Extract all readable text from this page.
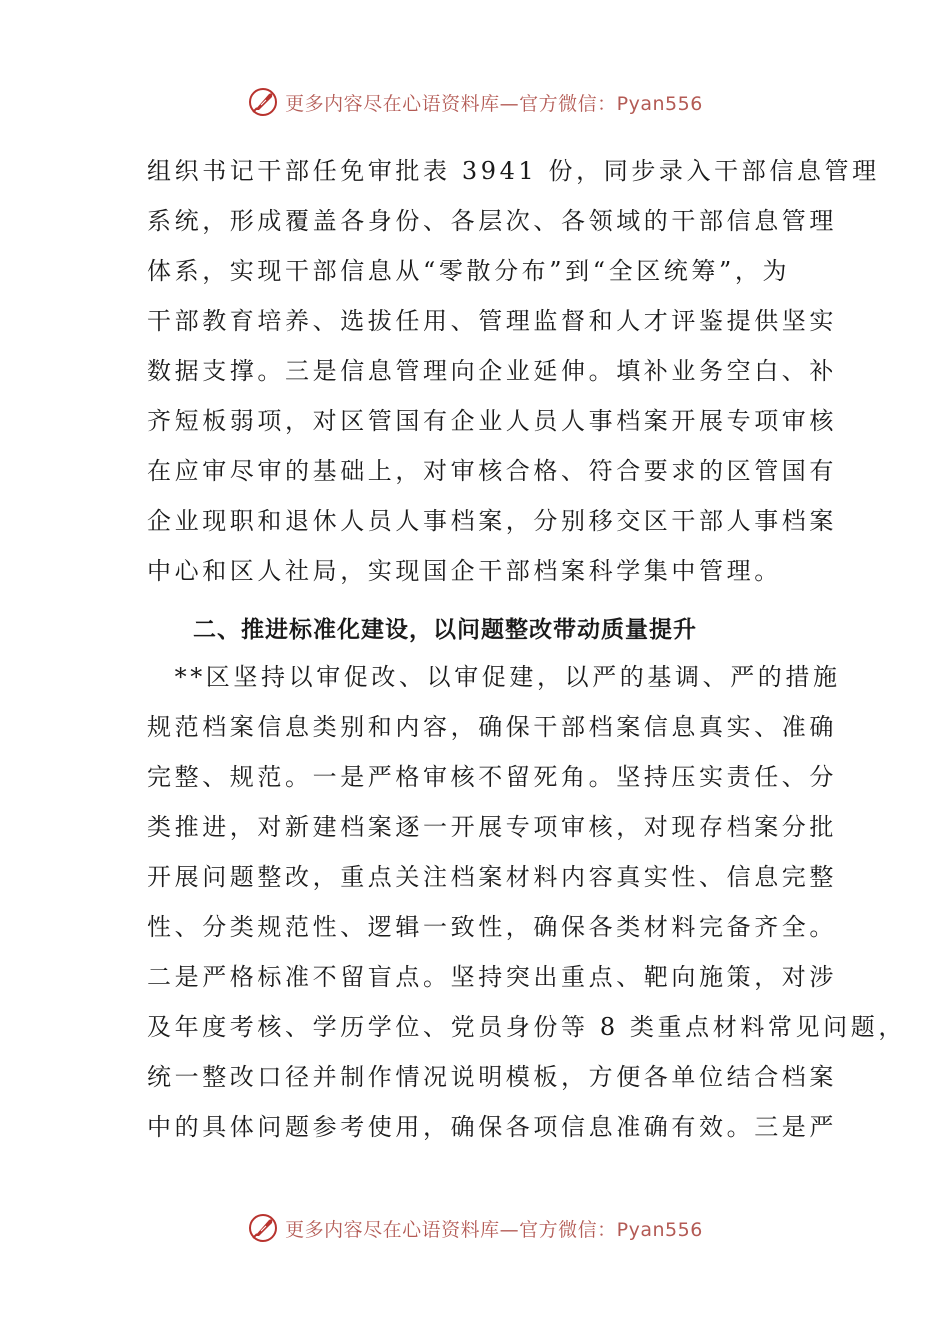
更多内容尽在心语资料库—官方微信：Pyan556
组织书记干部任免审批表 3941 份，同步录入干部信息管理
系统，形成覆盖各身份、各层次、各领域的干部信息管理
体系，实现干部信息从“零散分布”到“全区统筹”，为
干部教育培养、选拔任用、管理监督和人才评鉴提供坚实
数据支撑。三是信息管理向企业延伸。填补业务空白、补
齐短板弱项，对区管国有企业人员人事档案开展专项审核
在应审尽审的基础上，对审核合格、符合要求的区管国有
企业现职和退休人员人事档案，分别移交区干部人事档案
中心和区人社局，实现国企干部档案科学集中管理。
二、推进标准化建设，以问题整改带动质量提升
　**区坚持以审促改、以审促建，以严的基调、严的措施
规范档案信息类别和内容，确保干部档案信息真实、准确
完整、规范。一是严格审核不留死角。坚持压实责任、分
类推进，对新建档案逐一开展专项审核，对现存档案分批
开展问题整改，重点关注档案材料内容真实性、信息完整
性、分类规范性、逻辑一致性，确保各类材料完备齐全。
二是严格标准不留盲点。坚持突出重点、靶向施策，对涉
及年度考核、学历学位、党员身份等 8 类重点材料常见问题，
统一整改口径并制作情况说明模板，方便各单位结合档案
中的具体问题参考使用，确保各项信息准确有效。三是严
更多内容尽在心语资料库—官方微信：Pyan556
